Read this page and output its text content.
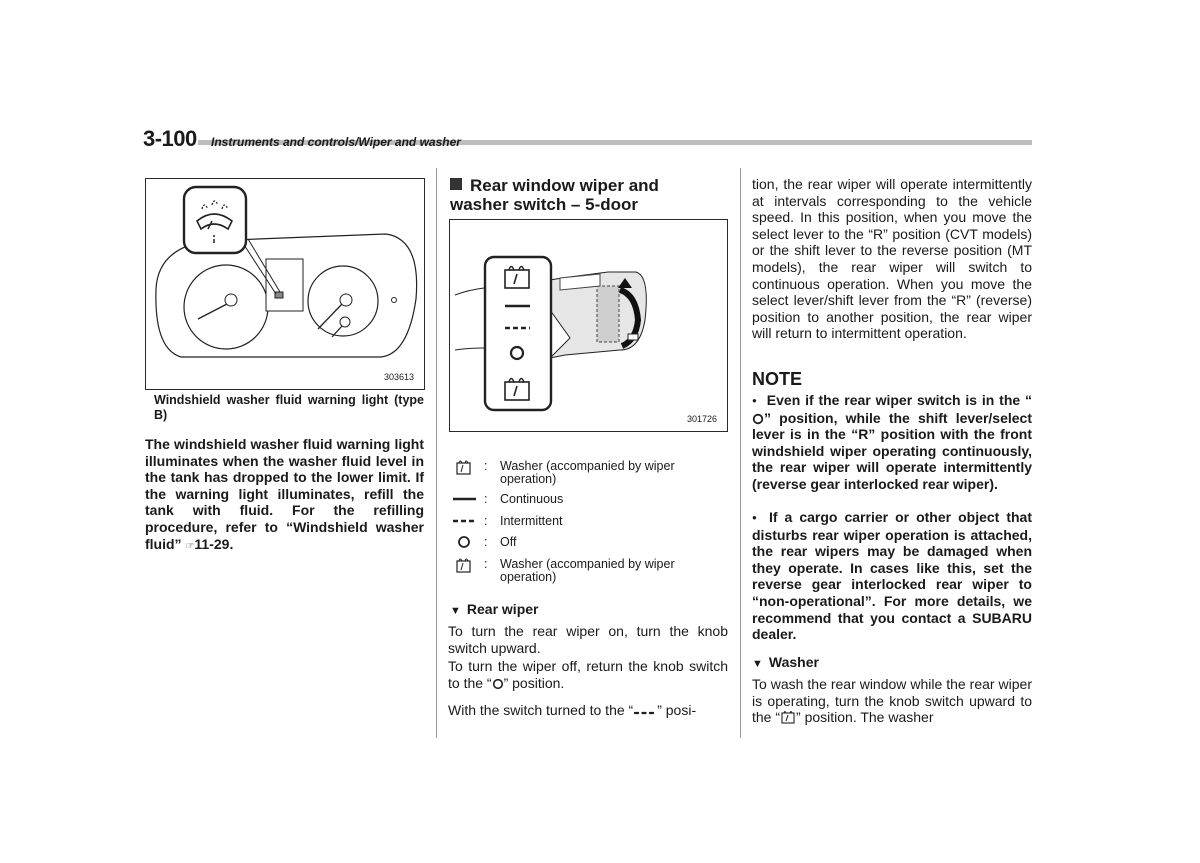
3-100 Instruments and controls/Wiper and washer
303613
Windshield washer fluid warning light (type B)
The windshield washer fluid warning light illuminates when the washer fluid level in the tank has dropped to the lower limit. If the warning light illuminates, refill the tank with fluid. For the refilling procedure, refer to “Windshield washer fluid” ☞11-29.
Rear window wiper and washer switch – 5-door
301726
: Washer (accompanied by wiper operation)
: Continuous
: Intermittent
: Off
: Washer (accompanied by wiper operation)
▼ Rear wiper
To turn the rear wiper on, turn the knob switch upward.
To turn the wiper off, return the knob switch to the “ ” position.
With the switch turned to the “ ” posi-
tion, the rear wiper will operate intermittently at intervals corresponding to the vehicle speed. In this position, when you move the select lever to the “R” position (CVT models) or the shift lever to the reverse position (MT models), the rear wiper will switch to continuous operation. When you move the select lever/shift lever from the “R” (reverse) position to another position, the rear wiper will return to intermittent operation.
NOTE
● Even if the rear wiper switch is in the “” position, while the shift lever/select lever is in the “R” position with the front windshield wiper operating continuously, the rear wiper will operate intermittently (reverse gear interlocked rear wiper).
● If a cargo carrier or other object that disturbs rear wiper operation is attached, the rear wipers may be damaged when they operate. In cases like this, set the reverse gear interlocked rear wiper to “non-operational”. For more details, we recommend that you contact a SUBARU dealer.
▼ Washer
To wash the rear window while the rear wiper is operating, turn the knob switch upward to the “ ” position. The washer
